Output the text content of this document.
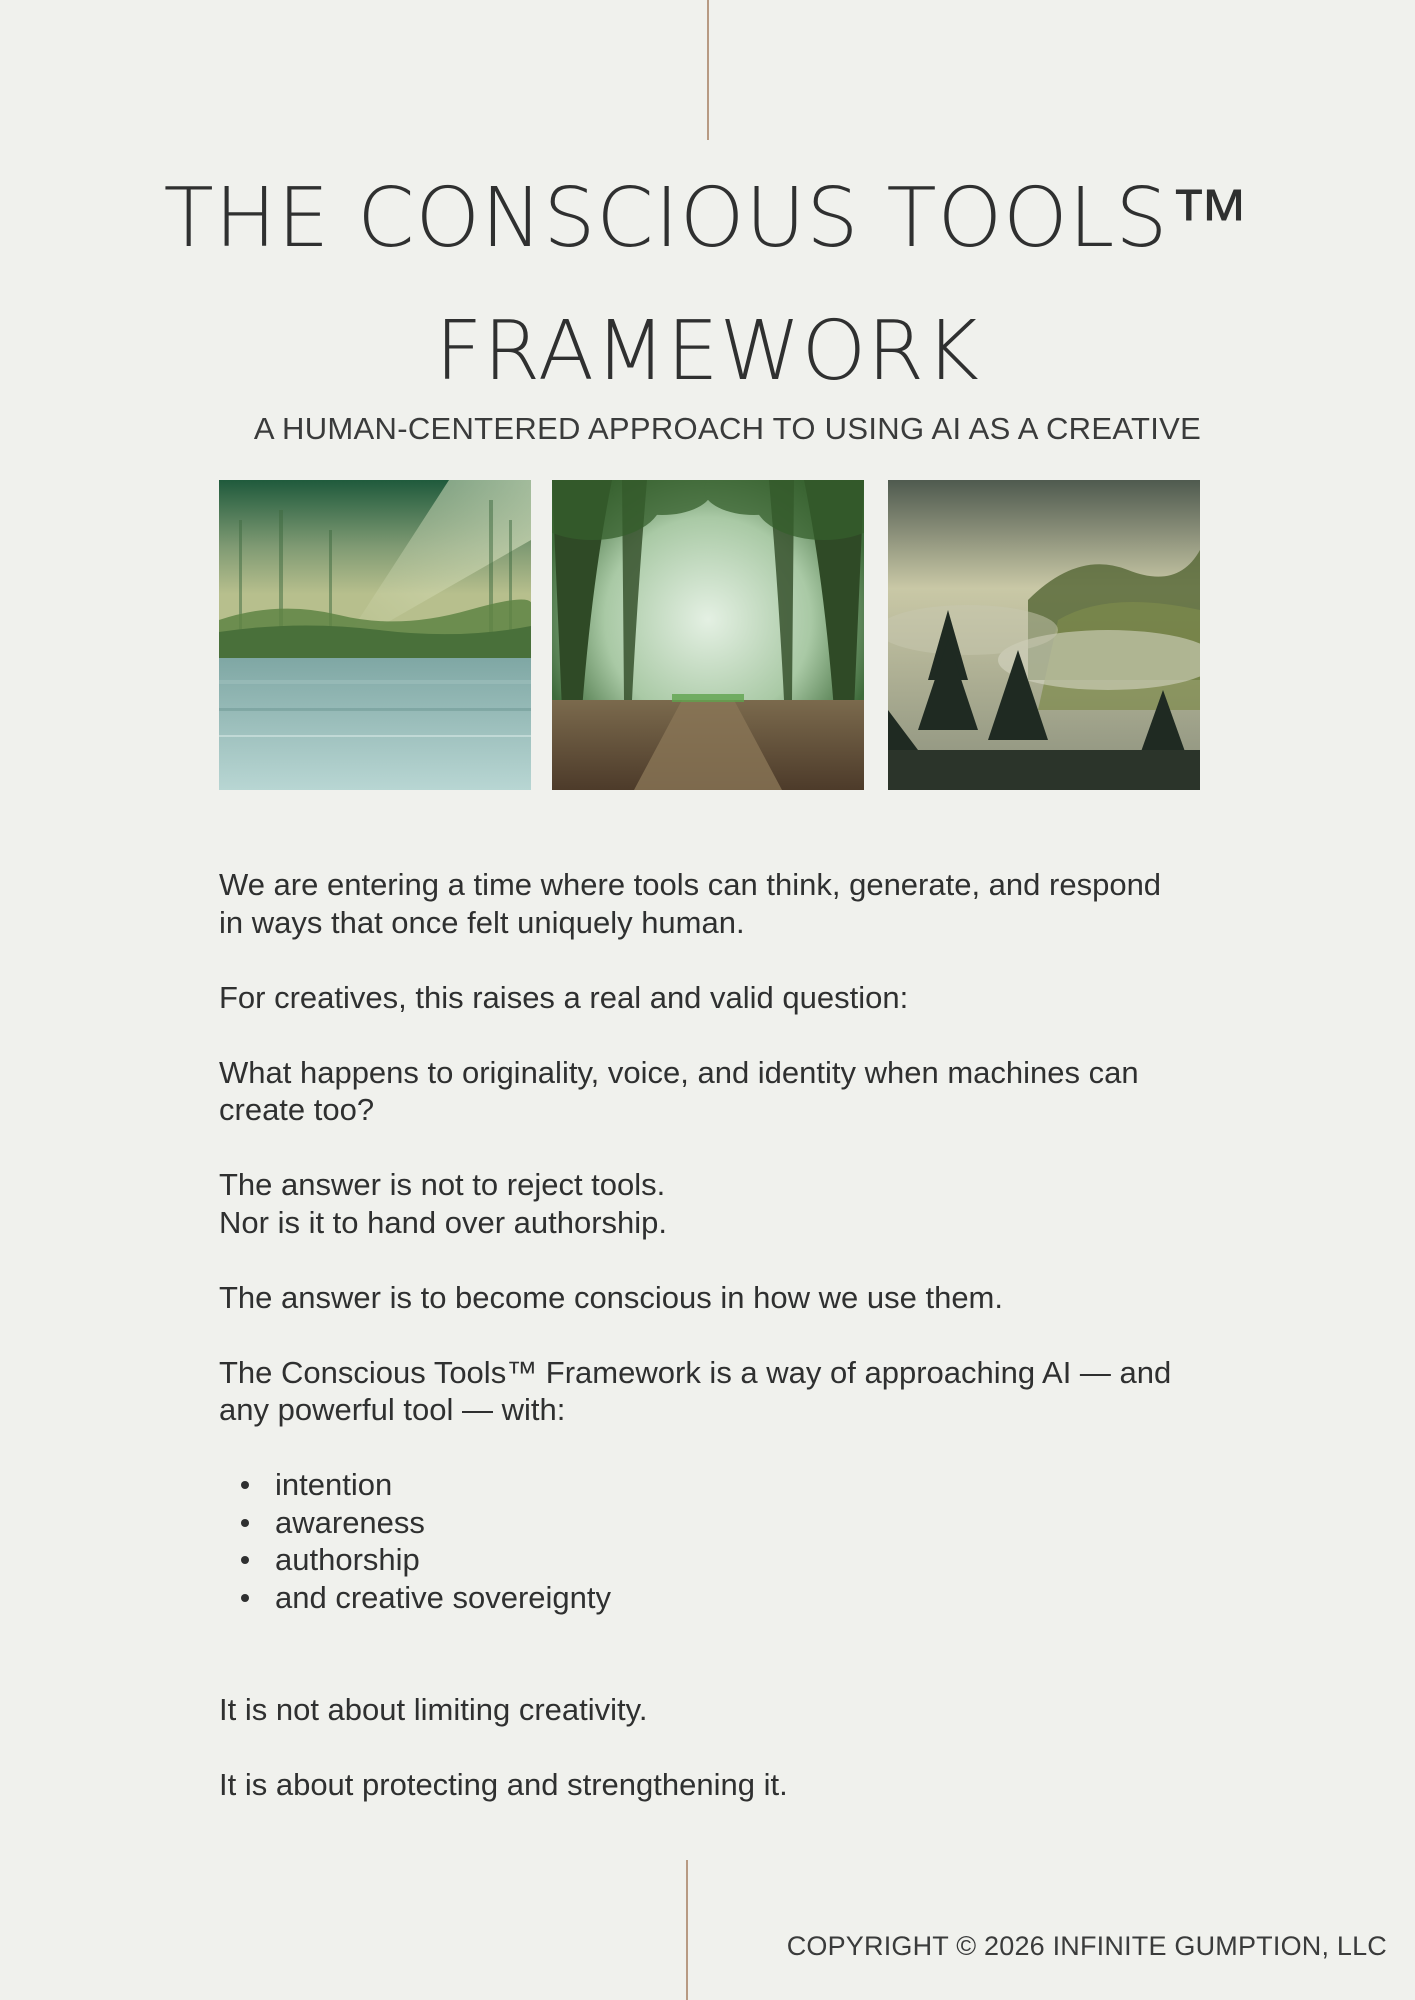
THE CONSCIOUS TOOLS™
FRAMEWORK
A HUMAN-CENTERED APPROACH TO USING AI AS A CREATIVE

We are entering a time where tools can think, generate, and respond
in ways that once felt uniquely human.

For creatives, this raises a real and valid question:

What happens to originality, voice, and identity when machines can
create too?

The answer is not to reject tools.
Nor is it to hand over authorship.

The answer is to become conscious in how we use them.

The Conscious Tools™ Framework is a way of approaching AI — and
any powerful tool — with:

intention
awareness
authorship
and creative sovereignty

It is not about limiting creativity.

It is about protecting and strengthening it.

COPYRIGHT © 2026 INFINITE GUMPTION, LLC
